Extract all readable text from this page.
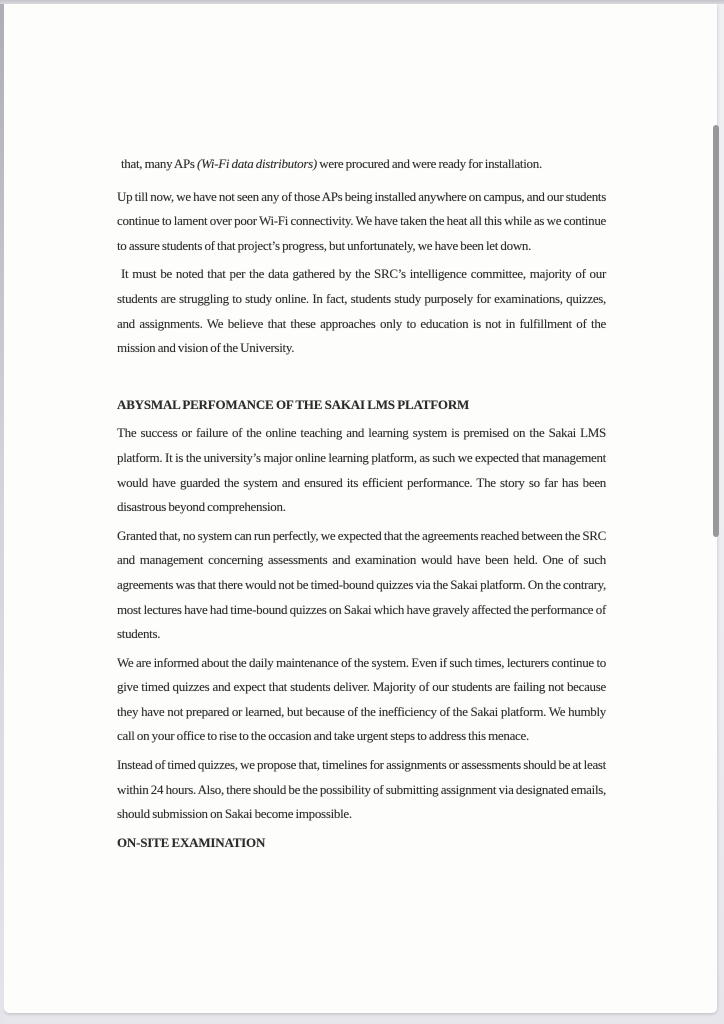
that, many APs (Wi-Fi data distributors) were procured and were ready for installation.

Up till now, we have not seen any of those APs being installed anywhere on campus, and our students continue to lament over poor Wi-Fi connectivity. We have taken the heat all this while as we continue to assure students of that project’s progress, but unfortunately, we have been let down.

It must be noted that per the data gathered by the SRC’s intelligence committee, majority of our students are struggling to study online. In fact, students study purposely for examinations, quizzes, and assignments. We believe that these approaches only to education is not in fulfillment of the mission and vision of the University.

ABYSMAL PERFOMANCE OF THE SAKAI LMS PLATFORM

The success or failure of the online teaching and learning system is premised on the Sakai LMS platform. It is the university’s major online learning platform, as such we expected that management would have guarded the system and ensured its efficient performance. The story so far has been disastrous beyond comprehension.

Granted that, no system can run perfectly, we expected that the agreements reached between the SRC and management concerning assessments and examination would have been held. One of such agreements was that there would not be timed-bound quizzes via the Sakai platform. On the contrary, most lectures have had time-bound quizzes on Sakai which have gravely affected the performance of students.

We are informed about the daily maintenance of the system. Even if such times, lecturers continue to give timed quizzes and expect that students deliver. Majority of our students are failing not because they have not prepared or learned, but because of the inefficiency of the Sakai platform. We humbly call on your office to rise to the occasion and take urgent steps to address this menace.

Instead of timed quizzes, we propose that, timelines for assignments or assessments should be at least within 24 hours. Also, there should be the possibility of submitting assignment via designated emails, should submission on Sakai become impossible.

ON-SITE EXAMINATION
